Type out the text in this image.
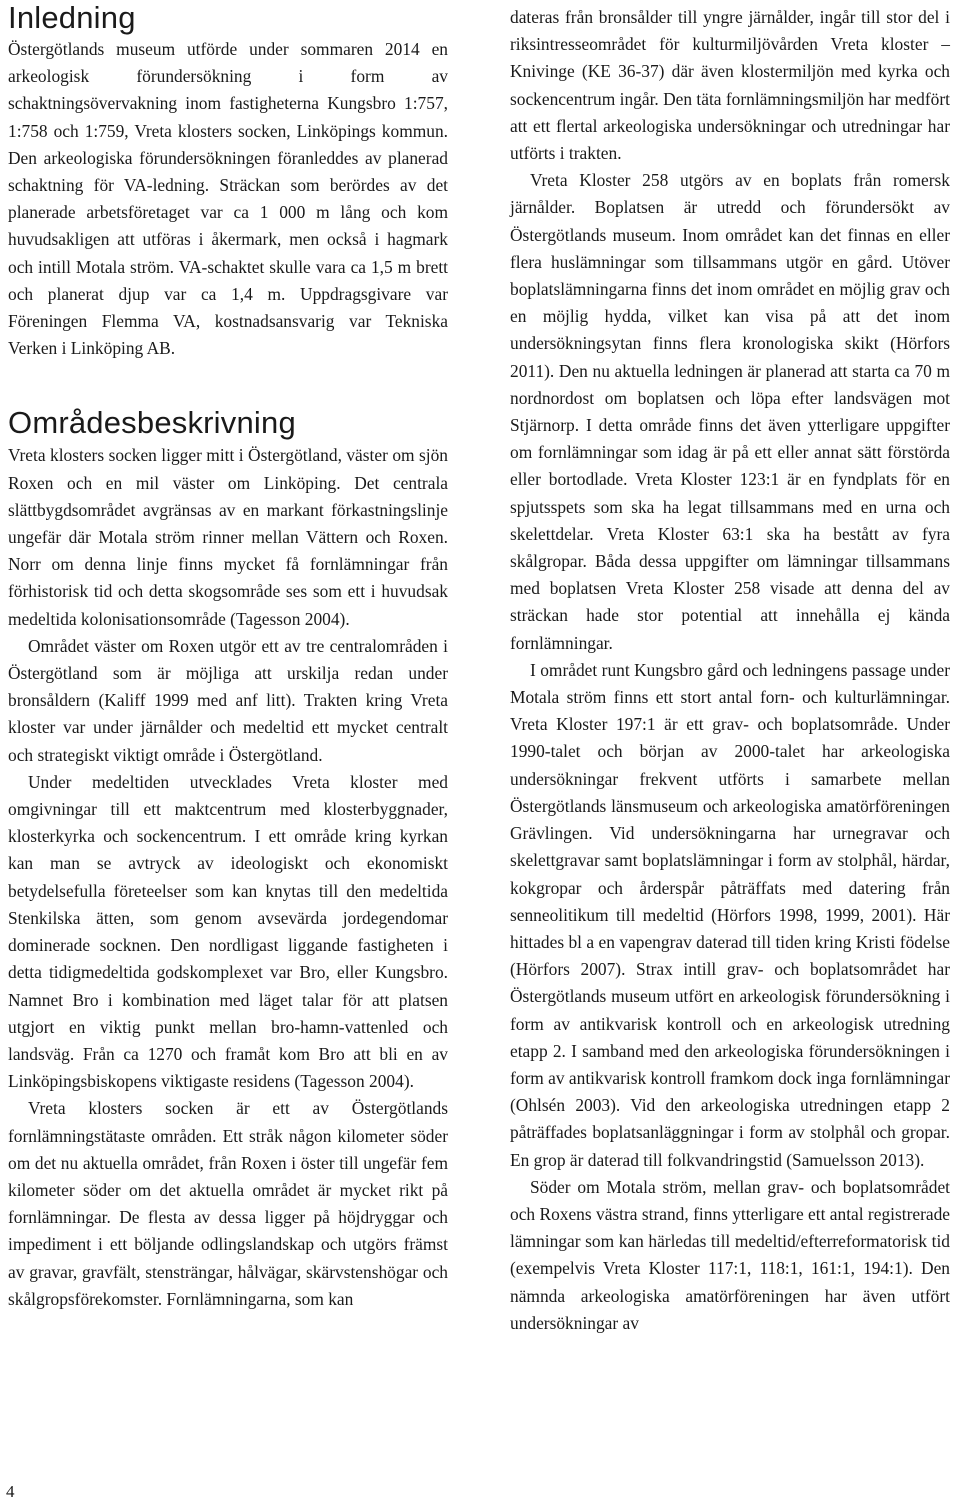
Inledning

Östergötlands museum utförde under sommaren 2014 en arkeologisk förundersökning i form av schaktningsövervakning inom fastigheterna Kungsbro 1:757, 1:758 och 1:759, Vreta klosters socken, Linköpings kommun. Den arkeologiska förundersökningen föranleddes av planerad schaktning för VA-ledning. Sträckan som berördes av det planerade arbetsföretaget var ca 1 000 m lång och kom huvudsakligen att utföras i åkermark, men också i hagmark och intill Motala ström. VA-schaktet skulle vara ca 1,5 m brett och planerat djup var ca 1,4 m. Uppdragsgivare var Föreningen Flemma VA, kostnadsansvarig var Tekniska Verken i Linköping AB.

Områdesbeskrivning

Vreta klosters socken ligger mitt i Östergötland, väster om sjön Roxen och en mil väster om Linköping. Det centrala slättbygdsområdet avgränsas av en markant förkastningslinje ungefär där Motala ström rinner mellan Vättern och Roxen. Norr om denna linje finns mycket få fornlämningar från förhistorisk tid och detta skogsområde ses som ett i huvudsak medeltida kolonisationsområde (Tagesson 2004).

Området väster om Roxen utgör ett av tre centralområden i Östergötland som är möjliga att urskilja redan under bronsåldern (Kaliff 1999 med anf litt). Trakten kring Vreta kloster var under järnålder och medeltid ett mycket centralt och strategiskt viktigt område i Östergötland.

Under medeltiden utvecklades Vreta kloster med omgivningar till ett maktcentrum med klosterbyggnader, klosterkyrka och sockencentrum. I ett område kring kyrkan kan man se avtryck av ideologiskt och ekonomiskt betydelsefulla företeelser som kan knytas till den medeltida Stenkilska ätten, som genom avsevärda jordegendomar dominerade socknen. Den nordligast liggande fastigheten i detta tidigmedeltida godskomplexet var Bro, eller Kungsbro. Namnet Bro i kombination med läget talar för att platsen utgjort en viktig punkt mellan bro-hamn-vattenled och landsväg. Från ca 1270 och framåt kom Bro att bli en av Linköpingsbiskopens viktigaste residens (Tagesson 2004).

Vreta klosters socken är ett av Östergötlands fornlämningstätaste områden. Ett stråk någon kilometer söder om det nu aktuella området, från Roxen i öster till ungefär fem kilometer söder om det aktuella området är mycket rikt på fornlämningar. De flesta av dessa ligger på höjdryggar och impediment i ett böljande odlingslandskap och utgörs främst av gravar, gravfält, stensträngar, hålvägar, skärvstenshögar och skålgropsförekomster. Fornlämningarna, som kan

dateras från bronsålder till yngre järnålder, ingår till stor del i riksintresseområdet för kulturmiljövården Vreta kloster – Knivinge (KE 36-37) där även klostermiljön med kyrka och sockencentrum ingår. Den täta fornlämningsmiljön har medfört att ett flertal arkeologiska undersökningar och utredningar har utförts i trakten.

Vreta Kloster 258 utgörs av en boplats från romersk järnålder. Boplatsen är utredd och förundersökt av Östergötlands museum. Inom området kan det finnas en eller flera huslämningar som tillsammans utgör en gård. Utöver boplatslämningarna finns det inom området en möjlig grav och en möjlig hydda, vilket kan visa på att det inom undersökningsytan finns flera kronologiska skikt (Hörfors 2011). Den nu aktuella ledningen är planerad att starta ca 70 m nordnordost om boplatsen och löpa efter landsvägen mot Stjärnorp. I detta område finns det även ytterligare uppgifter om fornlämningar som idag är på ett eller annat sätt förstörda eller bortodlade. Vreta Kloster 123:1 är en fyndplats för en spjutsspets som ska ha legat tillsammans med en urna och skelettdelar. Vreta Kloster 63:1 ska ha bestått av fyra skålgropar. Båda dessa uppgifter om lämningar tillsammans med boplatsen Vreta Kloster 258 visade att denna del av sträckan hade stor potential att innehålla ej kända fornlämningar.

I området runt Kungsbro gård och ledningens passage under Motala ström finns ett stort antal forn- och kulturlämningar. Vreta Kloster 197:1 är ett grav- och boplatsområde. Under 1990-talet och början av 2000-talet har arkeologiska undersökningar frekvent utförts i samarbete mellan Östergötlands länsmuseum och arkeologiska amatörföreningen Grävlingen. Vid undersökningarna har urnegravar och skelettgravar samt boplatslämningar i form av stolphål, härdar, kokgropar och årderspår påträffats med datering från senneolitikum till medeltid (Hörfors 1998, 1999, 2001). Här hittades bl a en vapengrav daterad till tiden kring Kristi födelse (Hörfors 2007). Strax intill grav- och boplatsområdet har Östergötlands museum utfört en arkeologisk förundersökning i form av antikvarisk kontroll och en arkeologisk utredning etapp 2. I samband med den arkeologiska förundersökningen i form av antikvarisk kontroll framkom dock inga fornlämningar (Ohlsén 2003). Vid den arkeologiska utredningen etapp 2 påträffades boplatsanläggningar i form av stolphål och gropar. En grop är daterad till folkvandringstid (Samuelsson 2013).

Söder om Motala ström, mellan grav- och boplatsområdet och Roxens västra strand, finns ytterligare ett antal registrerade lämningar som kan härledas till medeltid/efterreformatorisk tid (exempelvis Vreta Kloster 117:1, 118:1, 161:1, 194:1). Den nämnda arkeologiska amatörföreningen har även utfört undersökningar av

4
